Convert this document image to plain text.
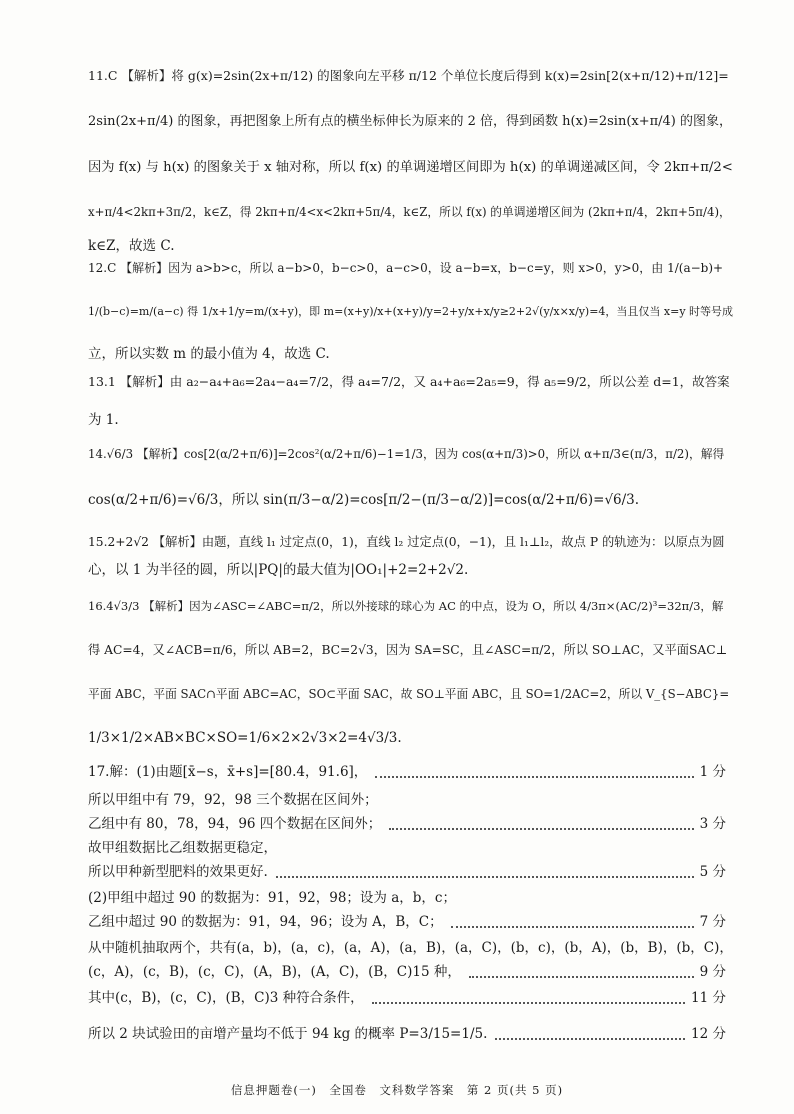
11.C 【解析】将 g(x)=2sin(2x+π/12) 的图象向左平移 π/12 个单位长度后得到 k(x)=2sin[2(x+π/12)+π/12]=
2sin(2x+π/4) 的图象，再把图象上所有点的横坐标伸长为原来的 2 倍，得到函数 h(x)=2sin(x+π/4) 的图象，
因为 f(x) 与 h(x) 的图象关于 x 轴对称，所以 f(x) 的单调递增区间即为 h(x) 的单调递减区间，令 2kπ+π/2<
x+π/4<2kπ+3π/2，k∈Z，得 2kπ+π/4<x<2kπ+5π/4，k∈Z，所以 f(x) 的单调递增区间为 (2kπ+π/4，2kπ+5π/4)，
k∈Z，故选 C.
12.C 【解析】因为 a>b>c，所以 a−b>0，b−c>0，a−c>0，设 a−b=x，b−c=y，则 x>0，y>0，由 1/(a−b)+
1/(b−c)=m/(a−c) 得 1/x+1/y=m/(x+y)，即 m=(x+y)/x+(x+y)/y=2+y/x+x/y≥2+2√(y/x×x/y)=4，当且仅当 x=y 时等号成
立，所以实数 m 的最小值为 4，故选 C.
13.1 【解析】由 a₂−a₄+a₆=2a₄−a₄=7/2，得 a₄=7/2，又 a₄+a₆=2a₅=9，得 a₅=9/2，所以公差 d=1，故答案
为 1.
14.√6/3 【解析】cos[2(α/2+π/6)]=2cos²(α/2+π/6)−1=1/3，因为 cos(α+π/3)>0，所以 α+π/3∈(π/3，π/2)，解得
cos(α/2+π/6)=√6/3，所以 sin(π/3−α/2)=cos[π/2−(π/3−α/2)]=cos(α/2+π/6)=√6/3.
15.2+2√2 【解析】由题，直线 l₁ 过定点(0，1)，直线 l₂ 过定点(0，−1)，且 l₁⊥l₂，故点 P 的轨迹为：以原点为圆
心，以 1 为半径的圆，所以|PQ|的最大值为|OO₁|+2=2+2√2.
16.4√3/3 【解析】因为∠ASC=∠ABC=π/2，所以外接球的球心为 AC 的中点，设为 O，所以 4/3π×(AC/2)³=32π/3，解
得 AC=4，又∠ACB=π/6，所以 AB=2，BC=2√3，因为 SA=SC，且∠ASC=π/2，所以 SO⊥AC，又平面SAC⊥
平面 ABC，平面 SAC∩平面 ABC=AC，SO⊂平面 SAC，故 SO⊥平面 ABC，且 SO=1/2AC=2，所以 V_{S−ABC}=
1/3×1/2×AB×BC×SO=1/6×2×2√3×2=4√3/3.
17.解：(1)由题[x̄−s，x̄+s]=[80.4，91.6]，	1 分
所以甲组中有 79，92，98 三个数据在区间外；
乙组中有 80，78，94，96 四个数据在区间外；	3 分
故甲组数据比乙组数据更稳定，
所以甲种新型肥料的效果更好.	5 分
(2)甲组中超过 90 的数据为：91，92，98；设为 a，b，c；
乙组中超过 90 的数据为：91，94，96；设为 A，B，C；	7 分
从中随机抽取两个，共有(a，b)，(a，c)，(a，A)，(a，B)，(a，C)，(b，c)，(b，A)，(b，B)，(b，C)，
(c，A)，(c，B)，(c，C)，(A，B)，(A，C)，(B，C)15 种，	9 分
其中(c，B)，(c，C)，(B，C)3 种符合条件，	11 分
所以 2 块试验田的亩增产量均不低于 94 kg 的概率 P=3/15=1/5.	12 分
信息押题卷(一)　全国卷　文科数学答案　第 2 页(共 5 页)
